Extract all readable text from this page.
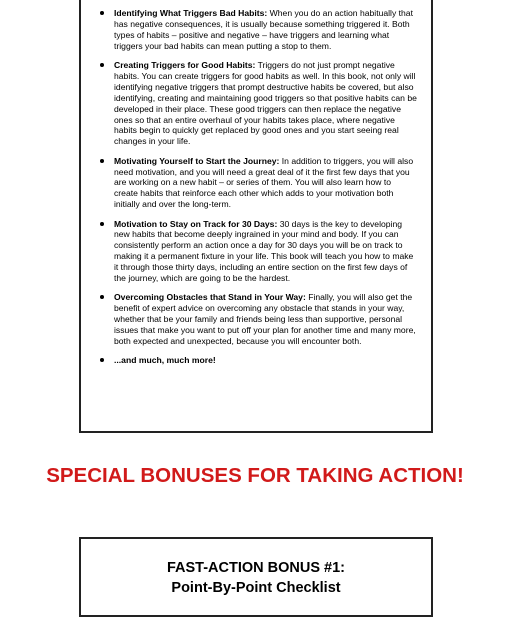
Identifying What Triggers Bad Habits: When you do an action habitually that has negative consequences, it is usually because something triggered it. Both types of habits – positive and negative – have triggers and learning what triggers your bad habits can mean putting a stop to them.
Creating Triggers for Good Habits: Triggers do not just prompt negative habits. You can create triggers for good habits as well. In this book, not only will identifying negative triggers that prompt destructive habits be covered, but also identifying, creating and maintaining good triggers so that positive habits can be developed in their place. These good triggers can then replace the negative ones so that an entire overhaul of your habits takes place, where negative habits begin to quickly get replaced by good ones and you start seeing real changes in your life.
Motivating Yourself to Start the Journey: In addition to triggers, you will also need motivation, and you will need a great deal of it the first few days that you are working on a new habit – or series of them. You will also learn how to create habits that reinforce each other which adds to your motivation both initially and over the long-term.
Motivation to Stay on Track for 30 Days: 30 days is the key to developing new habits that become deeply ingrained in your mind and body. If you can consistently perform an action once a day for 30 days you will be on track to making it a permanent fixture in your life. This book will teach you how to make it through those thirty days, including an entire section on the first few days of the journey, which are going to be the hardest.
Overcoming Obstacles that Stand in Your Way: Finally, you will also get the benefit of expert advice on overcoming any obstacle that stands in your way, whether that be your family and friends being less than supportive, personal issues that make you want to put off your plan for another time and many more, both expected and unexpected, because you will encounter both.
...and much, much more!
SPECIAL BONUSES FOR TAKING ACTION!
FAST-ACTION BONUS #1:
Point-By-Point Checklist
